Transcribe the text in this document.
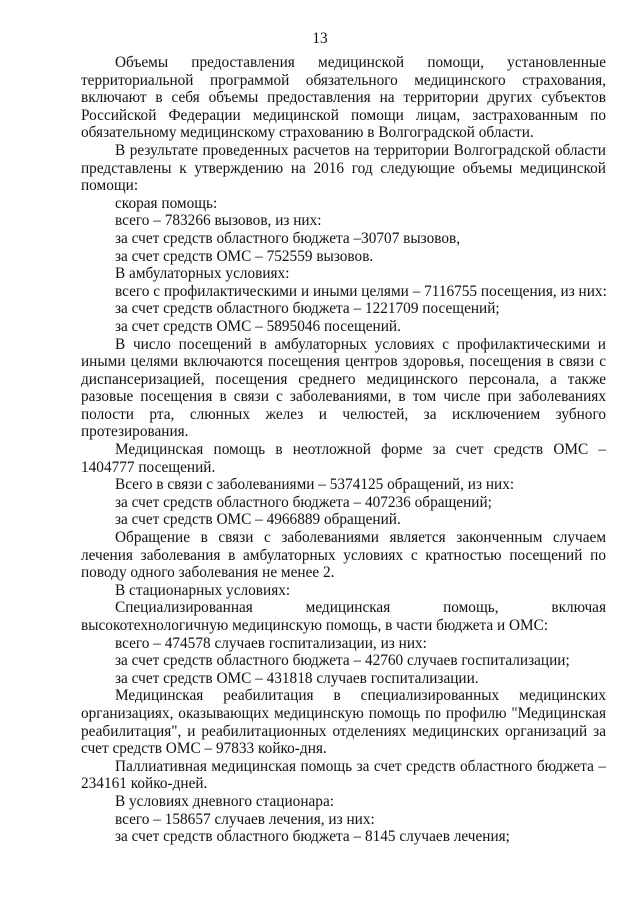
13

Объемы предоставления медицинской помощи, установленные территориальной программой обязательного медицинского страхования, включают в себя объемы предоставления на территории других субъектов Российской Федерации медицинской помощи лицам, застрахованным по обязательному медицинскому страхованию в Волгоградской области.

В результате проведенных расчетов на территории Волгоградской области представлены к утверждению на 2016 год следующие объемы медицинской помощи:

скорая помощь:

всего – 783266 вызовов, из них:

за счет средств областного бюджета –30707 вызовов,

за счет средств ОМС – 752559 вызовов.

В амбулаторных условиях:

всего с профилактическими и иными целями – 7116755 посещения, из них:

за счет средств областного бюджета – 1221709 посещений;

за счет средств ОМС – 5895046 посещений.

В число посещений в амбулаторных условиях с профилактическими и иными целями включаются посещения центров здоровья, посещения в связи с диспансеризацией, посещения среднего медицинского персонала, а также разовые посещения в связи с заболеваниями, в том числе при заболеваниях полости рта, слюнных желез и челюстей, за исключением зубного протезирования.

Медицинская помощь в неотложной форме за счет средств ОМС – 1404777 посещений.

Всего в связи с заболеваниями – 5374125 обращений, из них:

за счет средств областного бюджета – 407236 обращений;

за счет средств ОМС – 4966889 обращений.

Обращение в связи с заболеваниями является законченным случаем лечения заболевания в амбулаторных условиях с кратностью посещений по поводу одного заболевания не менее 2.

В стационарных условиях:

Специализированная медицинская помощь, включая высокотехнологичную медицинскую помощь, в части бюджета и ОМС:

всего – 474578 случаев госпитализации, из них:

за счет средств областного бюджета – 42760 случаев госпитализации;

за счет средств ОМС – 431818 случаев госпитализации.

Медицинская реабилитация в специализированных медицинских организациях, оказывающих медицинскую помощь по профилю "Медицинская реабилитация", и реабилитационных отделениях медицинских организаций за счет средств ОМС – 97833 койко-дня.

Паллиативная медицинская помощь за счет средств областного бюджета – 234161 койко-дней.

В условиях дневного стационара:

всего – 158657 случаев лечения, из них:

за счет средств областного бюджета – 8145 случаев лечения;
